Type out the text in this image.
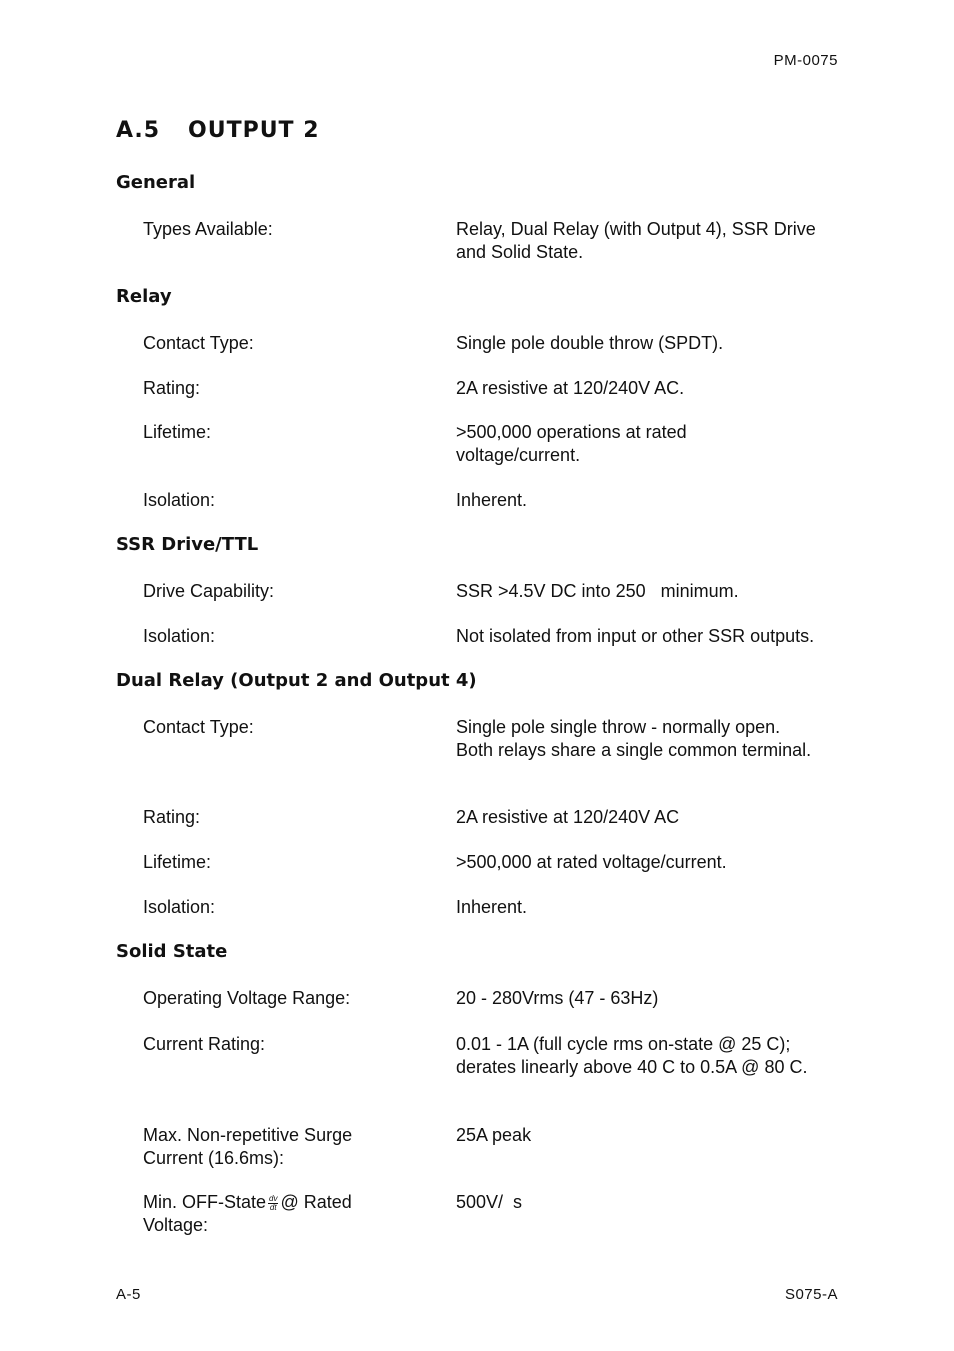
PM-0075
A.5 OUTPUT 2
General
Types Available:	Relay, Dual Relay (with Output 4), SSR Drive and Solid State.
Relay
Contact Type:	Single pole double throw (SPDT).
Rating:	2A resistive at 120/240V AC.
Lifetime:	>500,000 operations at rated voltage/current.
Isolation:	Inherent.
SSR Drive/TTL
Drive Capability:	SSR >4.5V DC into 250   minimum.
Isolation:	Not isolated from input or other SSR outputs.
Dual Relay (Output 2 and Output 4)
Contact Type:	Single pole single throw - normally open. Both relays share a single common terminal.
Rating:	2A resistive at 120/240V AC
Lifetime:	>500,000 at rated voltage/current.
Isolation:	Inherent.
Solid State
Operating Voltage Range:	20 - 280Vrms (47 - 63Hz)
Current Rating:	0.01 - 1A (full cycle rms on-state @ 25 C); derates linearly above 40 C to 0.5A @ 80 C.
Max. Non-repetitive Surge Current (16.6ms):
25A peak
Min. OFF-State $\frac{dv}{dt}$ @ Rated Voltage:
500V/  s
A-5	S075-A
